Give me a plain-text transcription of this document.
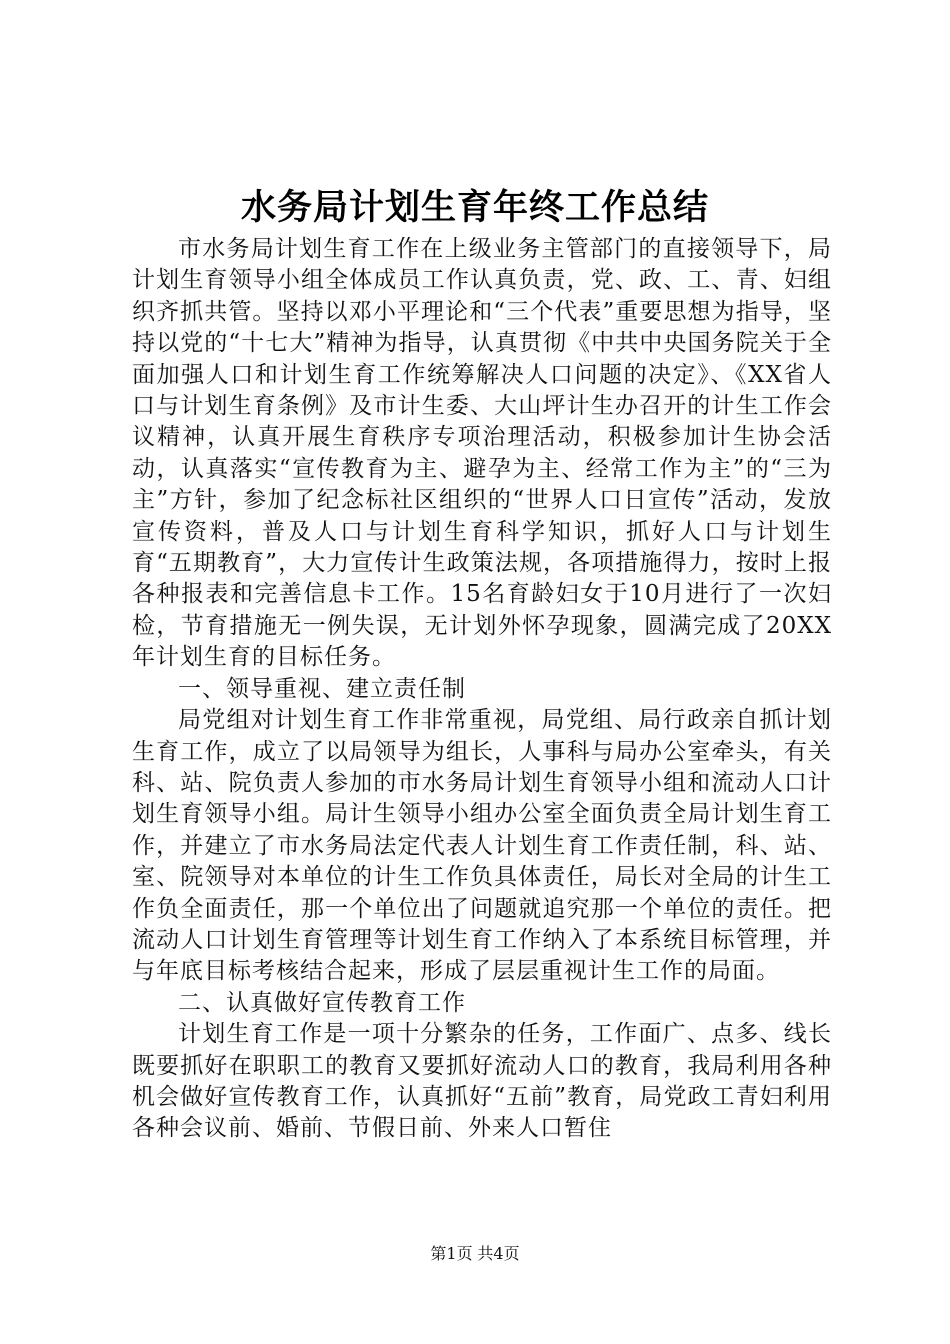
水务局计划生育年终工作总结

市水务局计划生育工作在上级业务主管部门的直接领导下，局计划生育领导小组全体成员工作认真负责，党、政、工、青、妇组织齐抓共管。坚持以邓小平理论和“三个代表”重要思想为指导，坚持以党的“十七大”精神为指导，认真贯彻《中共中央国务院关于全面加强人口和计划生育工作统筹解决人口问题的决定》、《XX省人口与计划生育条例》及市计生委、大山坪计生办召开的计生工作会议精神，认真开展生育秩序专项治理活动，积极参加计生协会活动，认真落实“宣传教育为主、避孕为主、经常工作为主”的“三为主”方针，参加了纪念标社区组织的“世界人口日宣传”活动，发放宣传资料，普及人口与计划生育科学知识，抓好人口与计划生育“五期教育”，大力宣传计生政策法规，各项措施得力，按时上报各种报表和完善信息卡工作。15名育龄妇女于10月进行了一次妇检，节育措施无一例失误，无计划外怀孕现象，圆满完成了20XX年计划生育的目标任务。

一、领导重视、建立责任制

局党组对计划生育工作非常重视，局党组、局行政亲自抓计划生育工作，成立了以局领导为组长，人事科与局办公室牵头，有关科、站、院负责人参加的市水务局计划生育领导小组和流动人口计划生育领导小组。局计生领导小组办公室全面负责全局计划生育工作，并建立了市水务局法定代表人计划生育工作责任制，科、站、室、院领导对本单位的计生工作负具体责任，局长对全局的计生工作负全面责任，那一个单位出了问题就追究那一个单位的责任。把流动人口计划生育管理等计划生育工作纳入了本系统目标管理，并与年底目标考核结合起来，形成了层层重视计生工作的局面。

二、认真做好宣传教育工作

计划生育工作是一项十分繁杂的任务，工作面广、点多、线长既要抓好在职职工的教育又要抓好流动人口的教育，我局利用各种机会做好宣传教育工作，认真抓好“五前”教育，局党政工青妇利用各种会议前、婚前、节假日前、外来人口暂住

第1页 共4页
